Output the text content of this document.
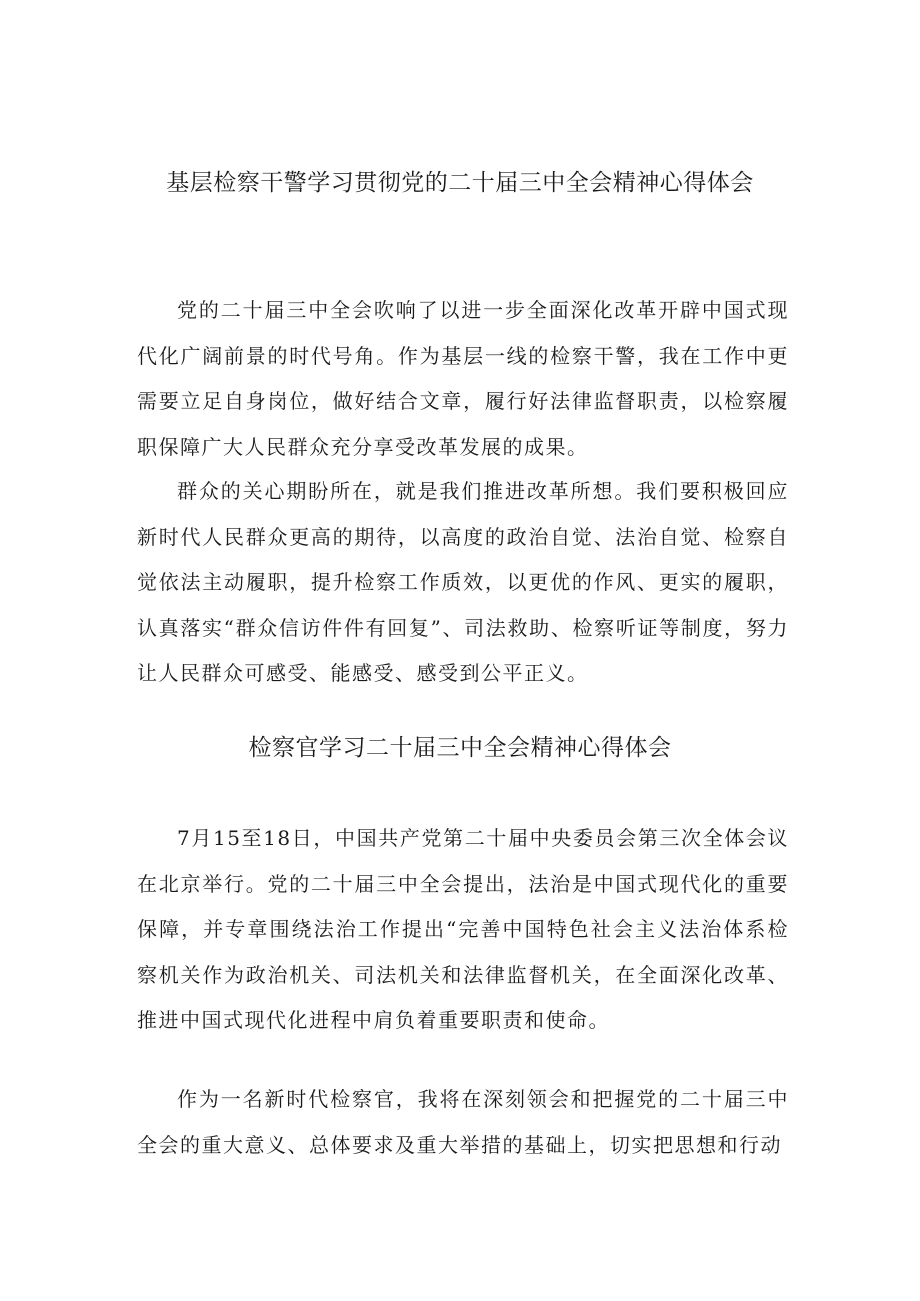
基层检察干警学习贯彻党的二十届三中全会精神心得体会

党的二十届三中全会吹响了以进一步全面深化改革开辟中国式现代化广阔前景的时代号角。作为基层一线的检察干警，我在工作中更需要立足自身岗位，做好结合文章，履行好法律监督职责，以检察履职保障广大人民群众充分享受改革发展的成果。

群众的关心期盼所在，就是我们推进改革所想。我们要积极回应新时代人民群众更高的期待，以高度的政治自觉、法治自觉、检察自觉依法主动履职，提升检察工作质效，以更优的作风、更实的履职，认真落实“群众信访件件有回复”、司法救助、检察听证等制度，努力让人民群众可感受、能感受、感受到公平正义。

检察官学习二十届三中全会精神心得体会

7月15至18日，中国共产党第二十届中央委员会第三次全体会议在北京举行。党的二十届三中全会提出，法治是中国式现代化的重要保障，并专章围绕法治工作提出“完善中国特色社会主义法治体系检察机关作为政治机关、司法机关和法律监督机关，在全面深化改革、推进中国式现代化进程中肩负着重要职责和使命。

作为一名新时代检察官，我将在深刻领会和把握党的二十届三中全会的重大意义、总体要求及重大举措的基础上，切实把思想和行动
